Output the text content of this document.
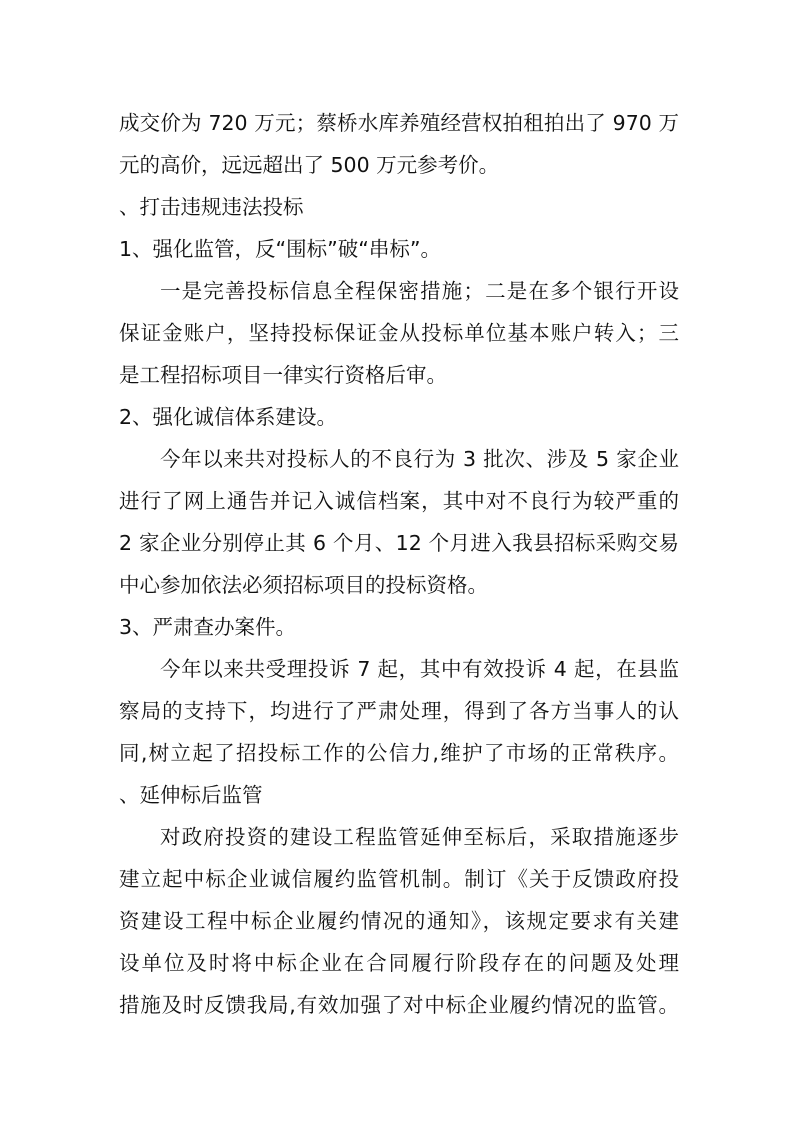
成交价为 720 万元；蔡桥水库养殖经营权拍租拍出了 970 万

元的高价，远远超出了 500 万元参考价。

、打击违规违法投标

1、强化监管，反“围标”破“串标”。

一是完善投标信息全程保密措施；二是在多个银行开设

保证金账户，坚持投标保证金从投标单位基本账户转入；三

是工程招标项目一律实行资格后审。

2、强化诚信体系建设。

今年以来共对投标人的不良行为 3 批次、涉及 5 家企业

进行了网上通告并记入诚信档案，其中对不良行为较严重的

2 家企业分别停止其 6 个月、12 个月进入我县招标采购交易

中心参加依法必须招标项目的投标资格。

3、严肃查办案件。

今年以来共受理投诉 7 起，其中有效投诉 4 起，在县监

察局的支持下，均进行了严肃处理，得到了各方当事人的认

同,树立起了招投标工作的公信力,维护了市场的正常秩序。

、延伸标后监管

对政府投资的建设工程监管延伸至标后，采取措施逐步

建立起中标企业诚信履约监管机制。制订《关于反馈政府投

资建设工程中标企业履约情况的通知》，该规定要求有关建

设单位及时将中标企业在合同履行阶段存在的问题及处理

措施及时反馈我局,有效加强了对中标企业履约情况的监管。
